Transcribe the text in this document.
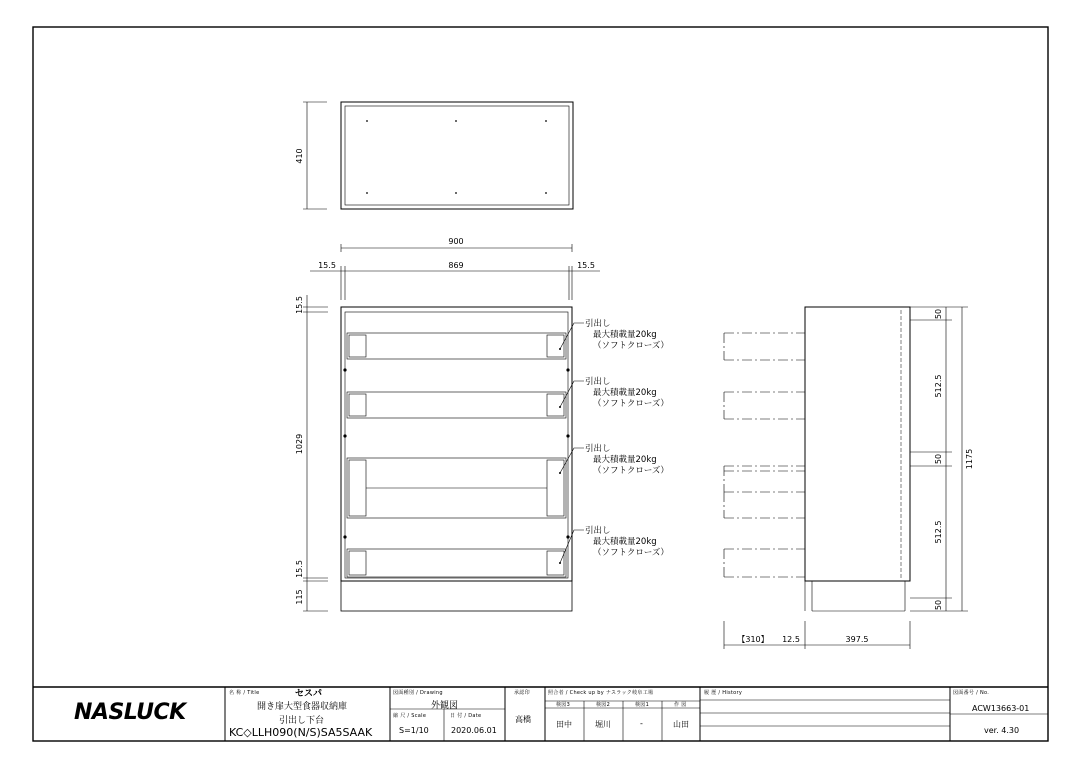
410
900
15.5	869	15.5
15.5
1029
15.5
115
引出し
最大積載量20kg
（ソフトクローズ）
引出し
最大積載量20kg
（ソフトクローズ）
引出し
最大積載量20kg
（ソフトクローズ）
引出し
最大積載量20kg
（ソフトクローズ）
50
512.5
50
512.5
50
1175
【310】 12.5	397.5
NASLUCK
名 称 / Title	セスパ
開き扉大型食器収納庫
引出し下台
KC◇LLH090(N/S)SA5SAAK
図面種別 / Drawing
外観図
縮 尺 / Scale
S=1/10
日 付 / Date
2020.06.01
承認印
高橋
照合者 / Check up by ナスラック岐阜工場
検図3	検図2	検図1	作 図
田中	堀川	-	山田
履 歴 / History	図面番号 / No.
ACW13663-01
ver. 4.30
